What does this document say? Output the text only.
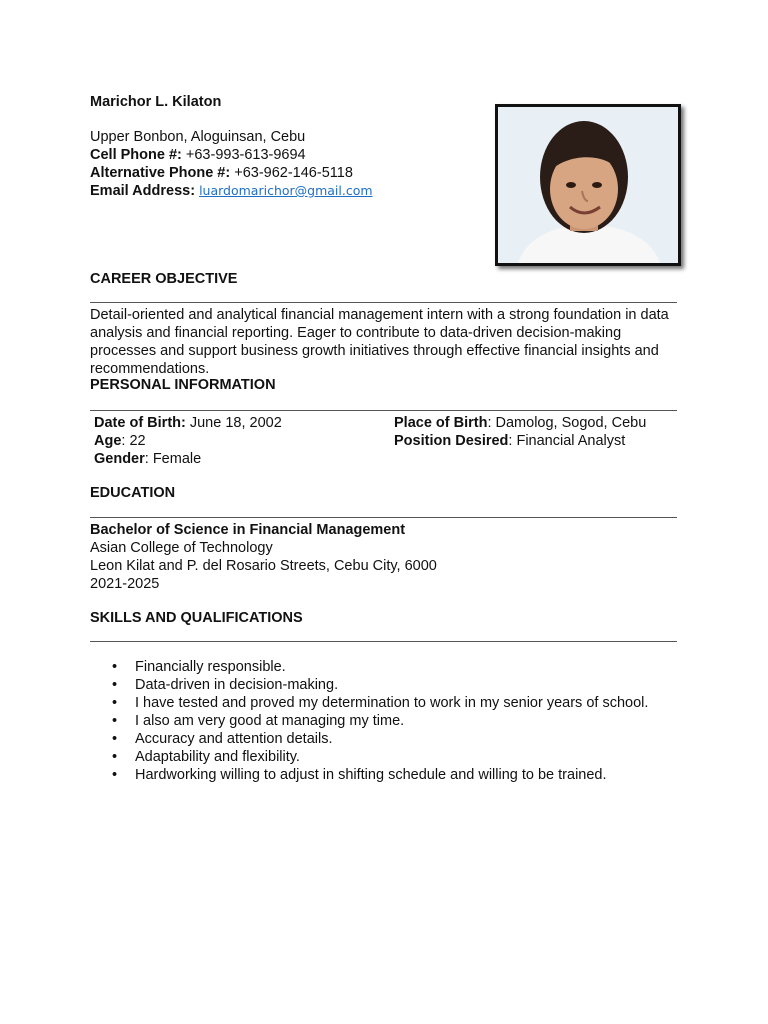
Marichor L. Kilaton
Upper Bonbon, Aloguinsan, Cebu
Cell Phone #: +63-993-613-9694
Alternative Phone #: +63-962-146-5118
Email Address: luardomarichor@gmail.com
CAREER OBJECTIVE
Detail-oriented and analytical financial management intern with a strong foundation in data analysis and financial reporting. Eager to contribute to data-driven decision-making processes and support business growth initiatives through effective financial insights and recommendations.
PERSONAL INFORMATION
Date of Birth: June 18, 2002
Age: 22
Gender: Female
Place of Birth: Damolog, Sogod, Cebu
Position Desired: Financial Analyst
EDUCATION
Bachelor of Science in Financial Management
Asian College of Technology
Leon Kilat and P. del Rosario Streets, Cebu City, 6000
2021-2025
SKILLS AND QUALIFICATIONS
• Financially responsible.
• Data-driven in decision-making.
• I have tested and proved my determination to work in my senior years of school.
• I also am very good at managing my time.
• Accuracy and attention details.
• Adaptability and flexibility.
• Hardworking willing to adjust in shifting schedule and willing to be trained.
